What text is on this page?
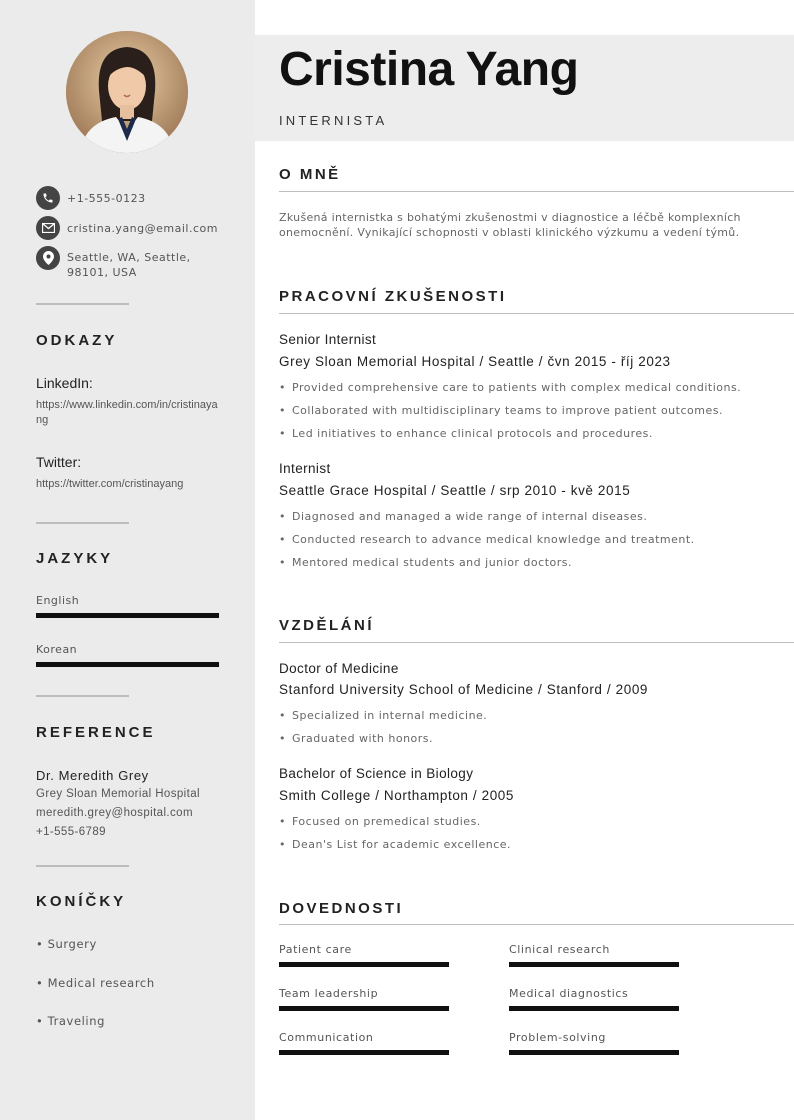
+1-555-0123
cristina.yang@email.com
Seattle, WA, Seattle, 98101, USA
ODKAZY
LinkedIn:
https://www.linkedin.com/in/cristinayang
Twitter:
https://twitter.com/cristinayang
JAZYKY
English
Korean
REFERENCE
Dr. Meredith Grey
Grey Sloan Memorial Hospital
meredith.grey@hospital.com
+1-555-6789
KONÍČKY
• Surgery
• Medical research
• Traveling
Cristina Yang
INTERNISTA
O MNĚ
Zkušená internistka s bohatými zkušenostmi v diagnostice a léčbě komplexních onemocnění. Vynikající schopnosti v oblasti klinického výzkumu a vedení týmů.
PRACOVNÍ ZKUŠENOSTI
Senior Internist
Grey Sloan Memorial Hospital / Seattle / čvn 2015 - říj 2023
• Provided comprehensive care to patients with complex medical conditions.
• Collaborated with multidisciplinary teams to improve patient outcomes.
• Led initiatives to enhance clinical protocols and procedures.
Internist
Seattle Grace Hospital / Seattle / srp 2010 - kvě 2015
• Diagnosed and managed a wide range of internal diseases.
• Conducted research to advance medical knowledge and treatment.
• Mentored medical students and junior doctors.
VZDĚLÁNÍ
Doctor of Medicine
Stanford University School of Medicine / Stanford / 2009
• Specialized in internal medicine.
• Graduated with honors.
Bachelor of Science in Biology
Smith College / Northampton / 2005
• Focused on premedical studies.
• Dean's List for academic excellence.
DOVEDNOSTI
Patient care	Clinical research
Team leadership	Medical diagnostics
Communication	Problem-solving
